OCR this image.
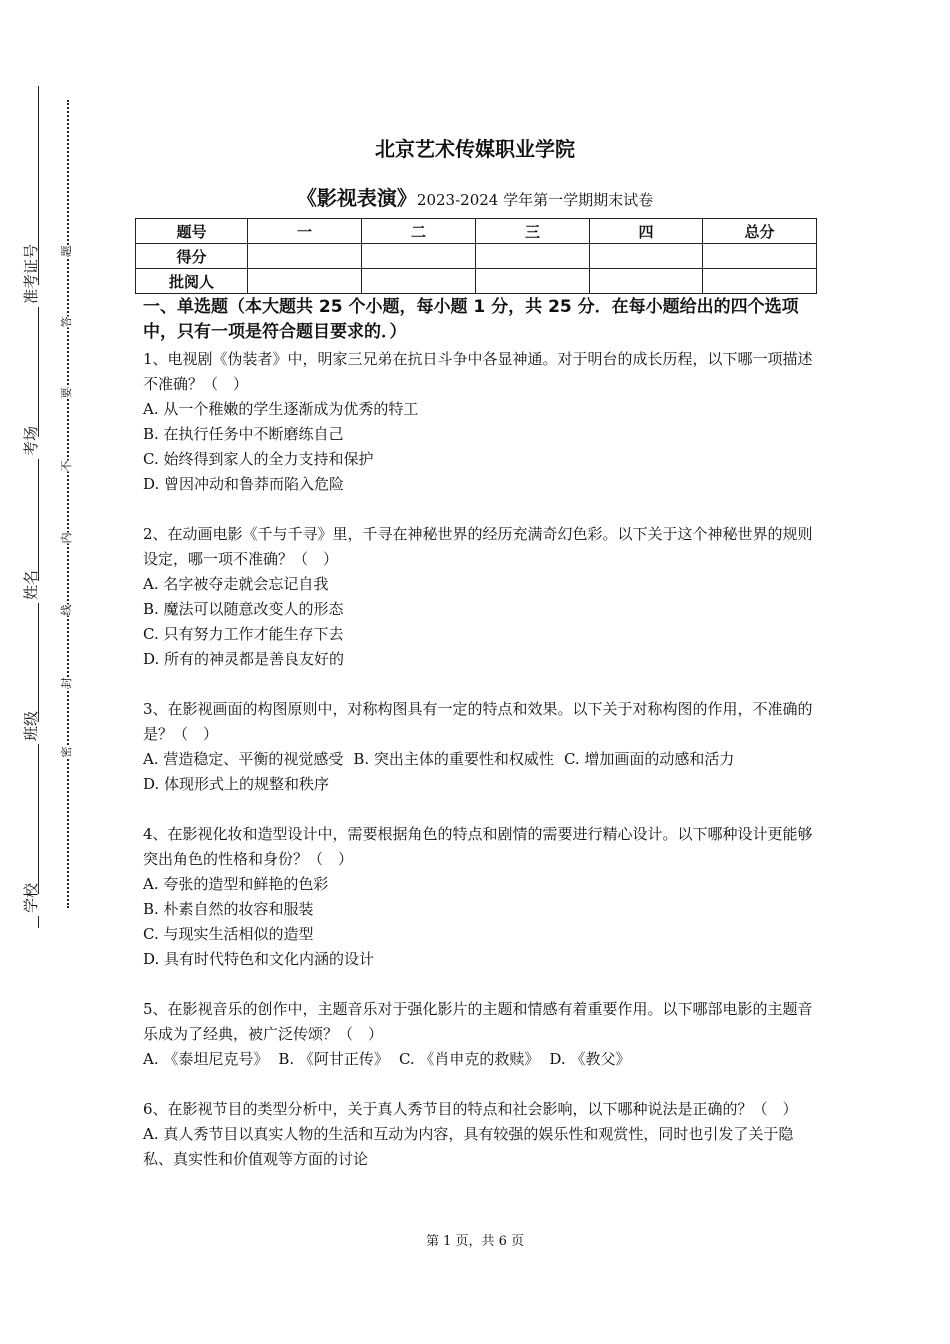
准考证号
考场
姓名
班级
学校
题
答
要
不
内
线
封
密
北京艺术传媒职业学院
《影视表演》2023-2024 学年第一学期期末试卷
题号	一	二	三	四	总分
得分					
批阅人					
一、单选题（本大题共 25 个小题，每小题 1 分，共 25 分．在每小题给出的四个选项中，只有一项是符合题目要求的．）
1、电视剧《伪装者》中，明家三兄弟在抗日斗争中各显神通。对于明台的成长历程，以下哪一项描述不准确？（　）
A. 从一个稚嫩的学生逐渐成为优秀的特工
B. 在执行任务中不断磨练自己
C. 始终得到家人的全力支持和保护
D. 曾因冲动和鲁莽而陷入危险
2、在动画电影《千与千寻》里，千寻在神秘世界的经历充满奇幻色彩。以下关于这个神秘世界的规则设定，哪一项不准确？（　）
A. 名字被夺走就会忘记自我
B. 魔法可以随意改变人的形态
C. 只有努力工作才能生存下去
D. 所有的神灵都是善良友好的
3、在影视画面的构图原则中，对称构图具有一定的特点和效果。以下关于对称构图的作用，不准确的是？（　）
A. 营造稳定、平衡的视觉感受 B. 突出主体的重要性和权威性 C. 增加画面的动感和活力
D. 体现形式上的规整和秩序
4、在影视化妆和造型设计中，需要根据角色的特点和剧情的需要进行精心设计。以下哪种设计更能够突出角色的性格和身份？（　）
A. 夸张的造型和鲜艳的色彩
B. 朴素自然的妆容和服装
C. 与现实生活相似的造型
D. 具有时代特色和文化内涵的设计
5、在影视音乐的创作中，主题音乐对于强化影片的主题和情感有着重要作用。以下哪部电影的主题音乐成为了经典，被广泛传颂？（　）
A. 《泰坦尼克号》 B. 《阿甘正传》 C. 《肖申克的救赎》 D. 《教父》
6、在影视节目的类型分析中，关于真人秀节目的特点和社会影响，以下哪种说法是正确的？（　）
A. 真人秀节目以真实人物的生活和互动为内容，具有较强的娱乐性和观赏性，同时也引发了关于隐私、真实性和价值观等方面的讨论
第 1 页，共 6 页
